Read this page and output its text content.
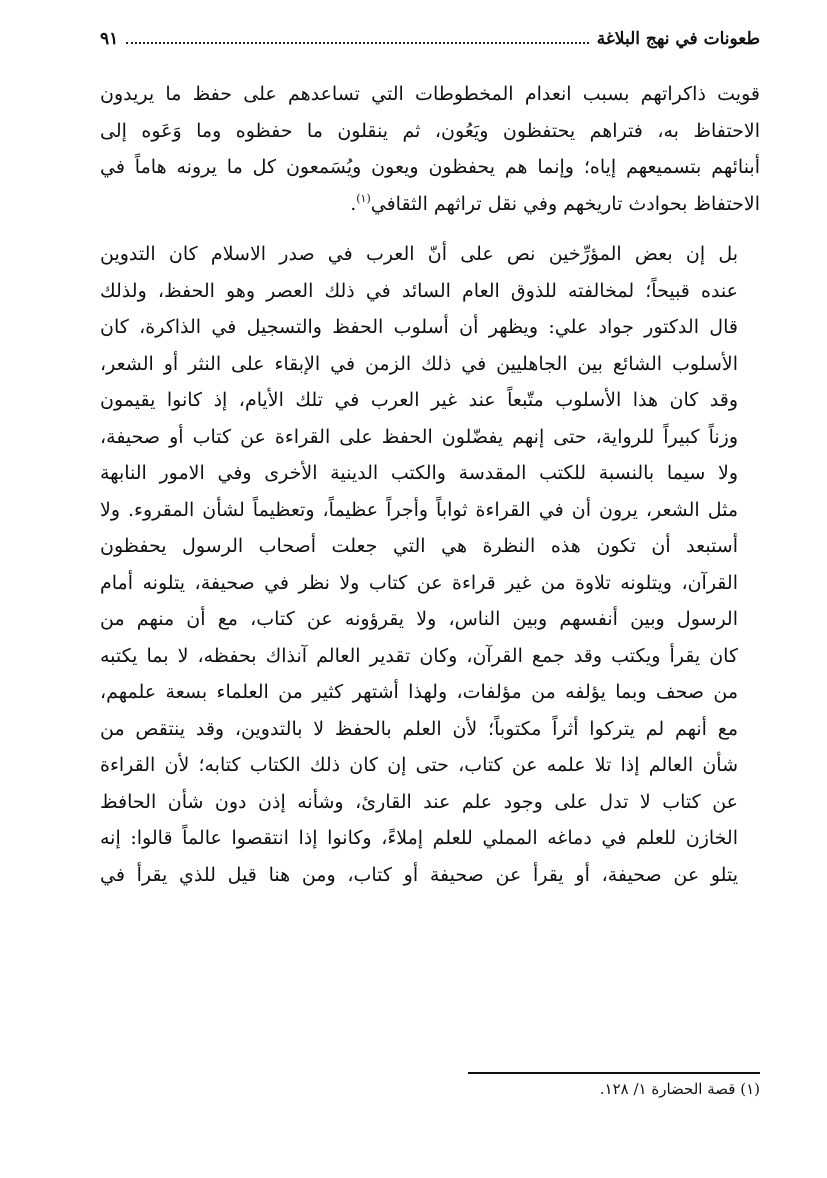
طعونات في نهج البلاغة
٩١

قويت ذاكراتهم بسبب انعدام المخطوطات التي تساعدهم على حفظ ما يريدون
الاحتفاظ به، فتراهم يحتفظون ويَعُون، ثم ينقلون ما حفظوه وما وَعَوه إلى
أبنائهم بتسميعهم إياه؛ وإنما هم يحفظون ويعون ويُسَمعون كل ما يرونه هاماً في
الاحتفاظ بحوادث تاريخهم وفي نقل تراثهم الثقافي$^{(١)}$.

بل إن بعض المؤرِّخين نص على أنّ العرب في صدر الاسلام كان التدوين
عنده قبيحاً؛ لمخالفته للذوق العام السائد في ذلك العصر وهو الحفظ، ولذلك
قال الدكتور جواد علي: ويظهر أن أسلوب الحفظ والتسجيل في الذاكرة، كان
الأسلوب الشائع بين الجاهليين في ذلك الزمن في الإبقاء على النثر أو الشعر،
وقد كان هذا الأسلوب متّبعاً عند غير العرب في تلك الأيام، إذ كانوا يقيمون
وزناً كبيراً للرواية، حتى إنهم يفضّلون الحفظ على القراءة عن كتاب أو صحيفة،
ولا سيما بالنسبة للكتب المقدسة والكتب الدينية الأخرى وفي الامور النابهة
مثل الشعر، يرون أن في القراءة ثواباً وأجراً عظيماً، وتعظيماً لشأن المقروء. ولا
أستبعد أن تكون هذه النظرة هي التي جعلت أصحاب الرسول يحفظون
القرآن، ويتلونه تلاوة من غير قراءة عن كتاب ولا نظر في صحيفة، يتلونه أمام
الرسول وبين أنفسهم وبين الناس، ولا يقرؤونه عن كتاب، مع أن منهم من
كان يقرأ ويكتب وقد جمع القرآن، وكان تقدير العالم آنذاك بحفظه، لا بما يكتبه
من صحف وبما يؤلفه من مؤلفات، ولهذا أشتهر كثير من العلماء بسعة علمهم،
مع أنهم لم يتركوا أثراً مكتوباً؛ لأن العلم بالحفظ لا بالتدوين، وقد ينتقص من
شأن العالم إذا تلا علمه عن كتاب، حتى إن كان ذلك الكتاب كتابه؛ لأن القراءة
عن كتاب لا تدل على وجود علم عند القارئ، وشأنه إذن دون شأن الحافظ
الخازن للعلم في دماغه المملي للعلم إملاءً، وكانوا إذا انتقصوا عالماً قالوا: إنه
يتلو عن صحيفة، أو يقرأ عن صحيفة أو كتاب، ومن هنا قيل للذي يقرأ في

(١) قصة الحضارة ١/ ١٢٨.
